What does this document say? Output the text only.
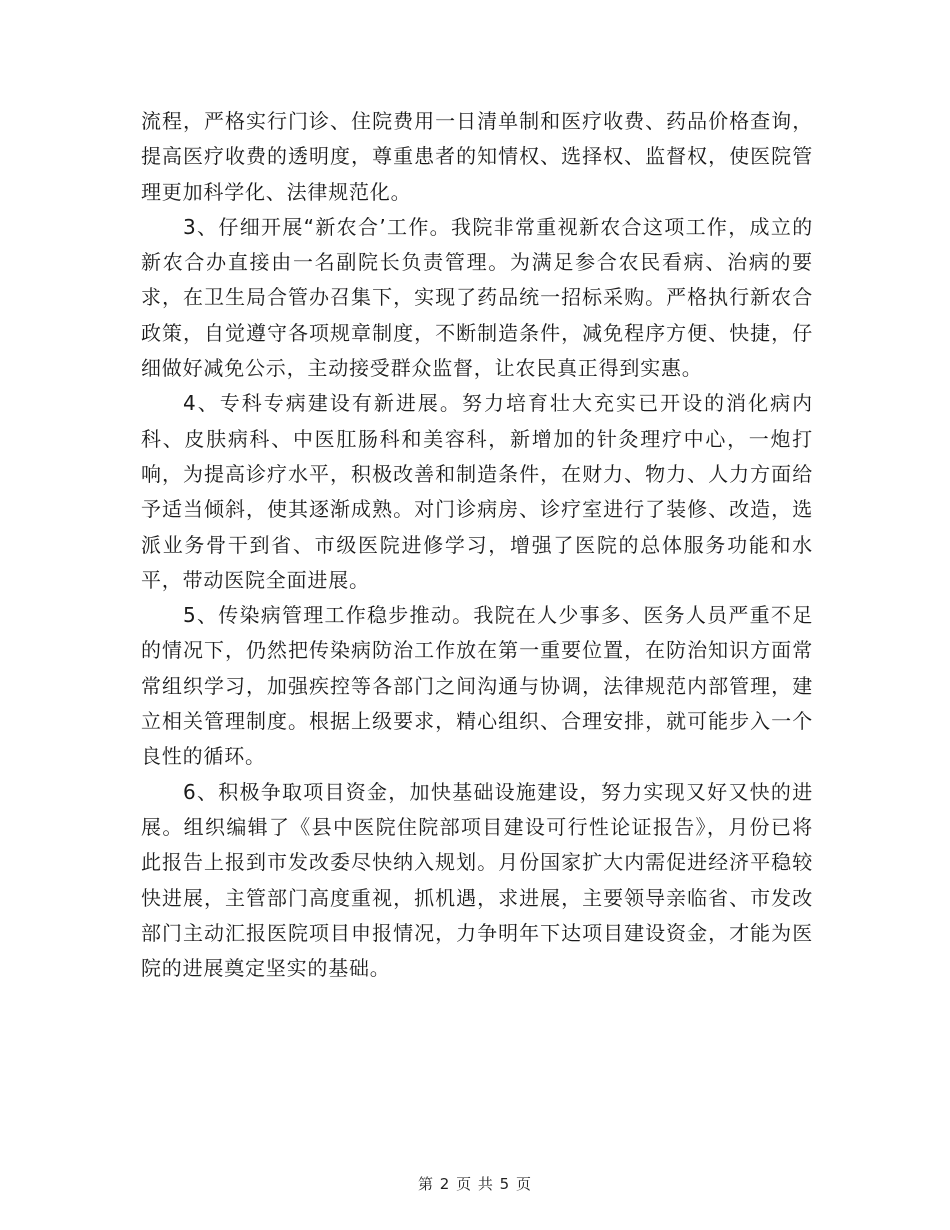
流程，严格实行门诊、住院费用一日清单制和医疗收费、药品价格查询，提高医疗收费的透明度，尊重患者的知情权、选择权、监督权，使医院管理更加科学化、法律规范化。

3、仔细开展“新农合’工作。我院非常重视新农合这项工作，成立的新农合办直接由一名副院长负责管理。为满足参合农民看病、治病的要求，在卫生局合管办召集下，实现了药品统一招标采购。严格执行新农合政策，自觉遵守各项规章制度，不断制造条件，减免程序方便、快捷，仔细做好减免公示，主动接受群众监督，让农民真正得到实惠。

4、专科专病建设有新进展。努力培育壮大充实已开设的消化病内科、皮肤病科、中医肛肠科和美容科，新增加的针灸理疗中心，一炮打响，为提高诊疗水平，积极改善和制造条件，在财力、物力、人力方面给予适当倾斜，使其逐渐成熟。对门诊病房、诊疗室进行了装修、改造，选派业务骨干到省、市级医院进修学习，增强了医院的总体服务功能和水平，带动医院全面进展。

5、传染病管理工作稳步推动。我院在人少事多、医务人员严重不足的情况下，仍然把传染病防治工作放在第一重要位置，在防治知识方面常常组织学习，加强疾控等各部门之间沟通与协调，法律规范内部管理，建立相关管理制度。根据上级要求，精心组织、合理安排，就可能步入一个良性的循环。

6、积极争取项目资金，加快基础设施建设，努力实现又好又快的进展。组织编辑了《县中医院住院部项目建设可行性论证报告》，月份已将此报告上报到市发改委尽快纳入规划。月份国家扩大内需促进经济平稳较快进展，主管部门高度重视，抓机遇，求进展，主要领导亲临省、市发改部门主动汇报医院项目申报情况，力争明年下达项目建设资金，才能为医院的进展奠定坚实的基础。

第 2 页 共 5 页
